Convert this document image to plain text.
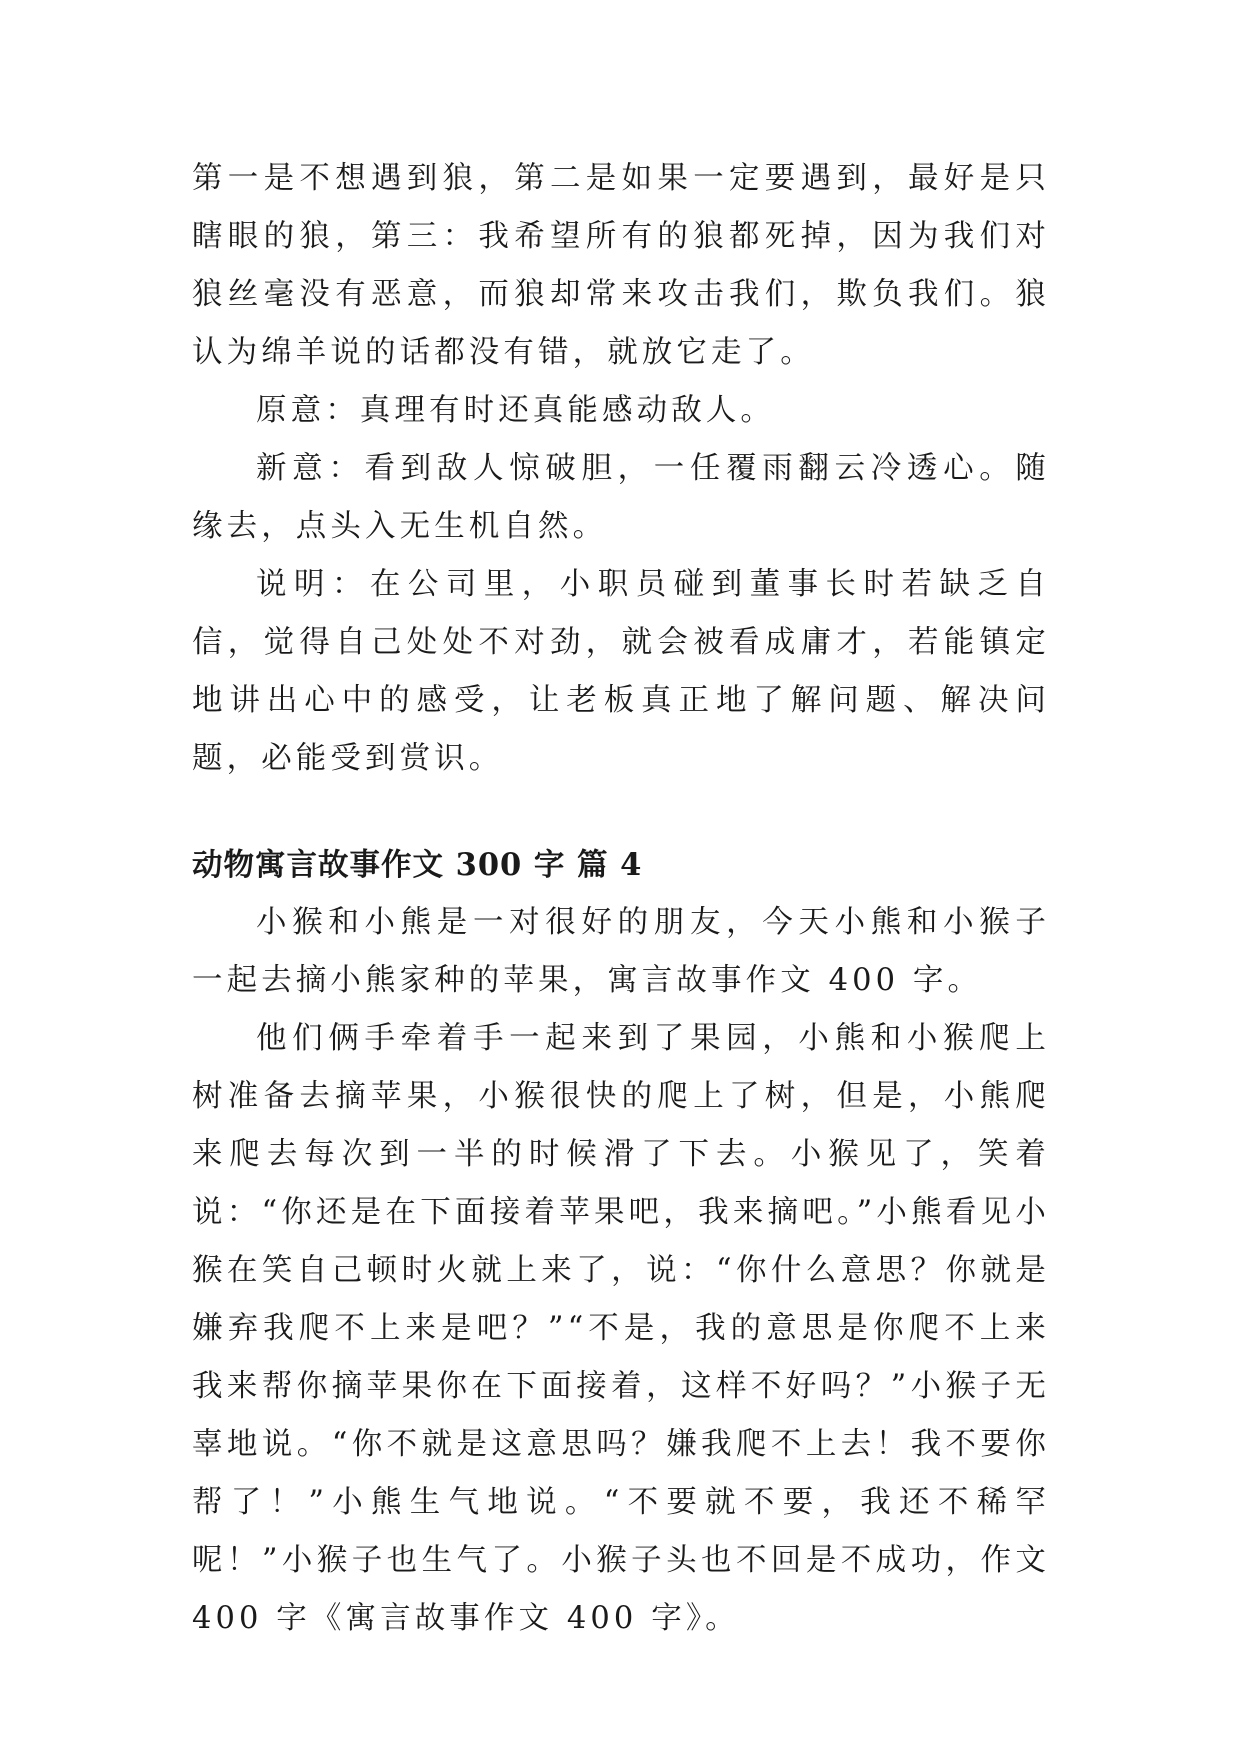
第一是不想遇到狼，第二是如果一定要遇到，最好是只瞎眼的狼，第三：我希望所有的狼都死掉，因为我们对狼丝毫没有恶意，而狼却常来攻击我们，欺负我们。狼认为绵羊说的话都没有错，就放它走了。

原意：真理有时还真能感动敌人。

新意：看到敌人惊破胆，一任覆雨翻云冷透心。随缘去，点头入无生机自然。

说明：在公司里，小职员碰到董事长时若缺乏自信，觉得自己处处不对劲，就会被看成庸才，若能镇定地讲出心中的感受，让老板真正地了解问题、解决问题，必能受到赏识。

动物寓言故事作文 300 字 篇 4

小猴和小熊是一对很好的朋友，今天小熊和小猴子一起去摘小熊家种的苹果，寓言故事作文 400 字。

他们俩手牵着手一起来到了果园，小熊和小猴爬上树准备去摘苹果，小猴很快的爬上了树，但是，小熊爬来爬去每次到一半的时候滑了下去。小猴见了，笑着说：“你还是在下面接着苹果吧，我来摘吧。”小熊看见小猴在笑自己顿时火就上来了，说：“你什么意思？你就是嫌弃我爬不上来是吧？”“不是，我的意思是你爬不上来我来帮你摘苹果你在下面接着，这样不好吗？”小猴子无辜地说。“你不就是这意思吗？嫌我爬不上去！我不要你帮了！”小熊生气地说。“不要就不要，我还不稀罕呢！”小猴子也生气了。小猴子头也不回是不成功，作文 400 字《寓言故事作文 400 字》。
